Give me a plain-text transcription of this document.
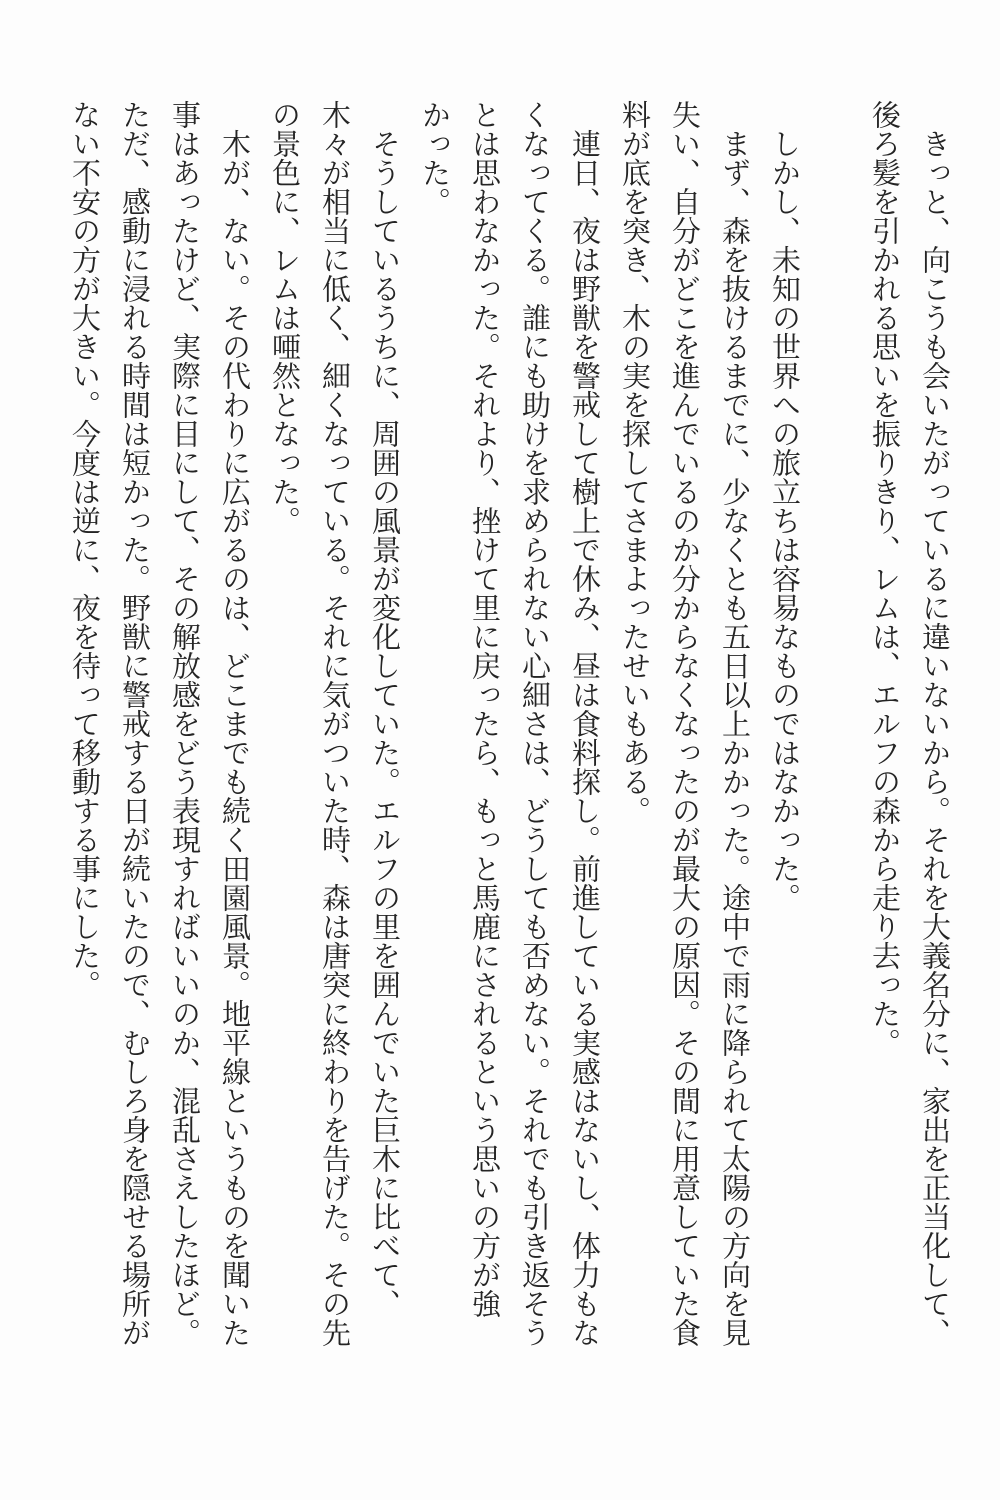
　きっと、向こうも会いたがっているに違いないから。それを大義名分に、家出を正当化して、

後ろ髪を引かれる思いを振りきり、レムは、エルフの森から走り去った。

　しかし、未知の世界への旅立ちは容易なものではなかった。

　まず、森を抜けるまでに、少なくとも五日以上かかった。途中で雨に降られて太陽の方向を見

失い、自分がどこを進んでいるのか分からなくなったのが最大の原因。その間に用意していた食

料が底を突き、木の実を探してさまよったせいもある。

　連日、夜は野獣を警戒して樹上で休み、昼は食料探し。前進している実感はないし、体力もな

くなってくる。誰にも助けを求められない心細さは、どうしても否めない。それでも引き返そう

とは思わなかった。それより、挫けて里に戻ったら、もっと馬鹿にされるという思いの方が強

かった。

　そうしているうちに、周囲の風景が変化していた。エルフの里を囲んでいた巨木に比べて、

木々が相当に低く、細くなっている。それに気がついた時、森は唐突に終わりを告げた。その先

の景色に、レムは唖然となった。

　木が、ない。その代わりに広がるのは、どこまでも続く田園風景。地平線というものを聞いた

事はあったけど、実際に目にして、その解放感をどう表現すればいいのか、混乱さえしたほど。

ただ、感動に浸れる時間は短かった。野獣に警戒する日が続いたので、むしろ身を隠せる場所が

ない不安の方が大きい。今度は逆に、夜を待って移動する事にした。
